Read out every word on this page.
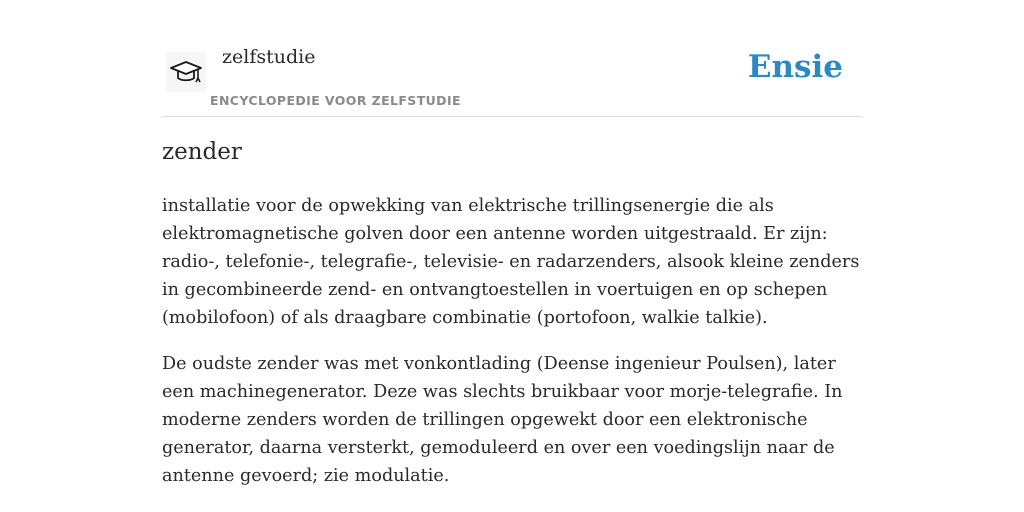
zelfstudie
ENCYCLOPEDIE VOOR ZELFSTUDIE
Ensie
zender

installatie voor de opwekking van elektrische trillingsenergie die als elektromagnetische golven door een antenne worden uitgestraald. Er zijn: radio-, telefonie-, telegrafie-, televisie- en radarzenders, alsook kleine zenders in gecombineerde zend- en ontvangtoestellen in voertuigen en op schepen (mobilofoon) of als draagbare combinatie (portofoon, walkie talkie).

De oudste zender was met vonkontlading (Deense ingenieur Poulsen), later een machinegenerator. Deze was slechts bruikbaar voor morje-telegrafie. In moderne zenders worden de trillingen opgewekt door een elektronische generator, daarna versterkt, gemoduleerd en over een voedingslijn naar de antenne gevoerd; zie modulatie.
